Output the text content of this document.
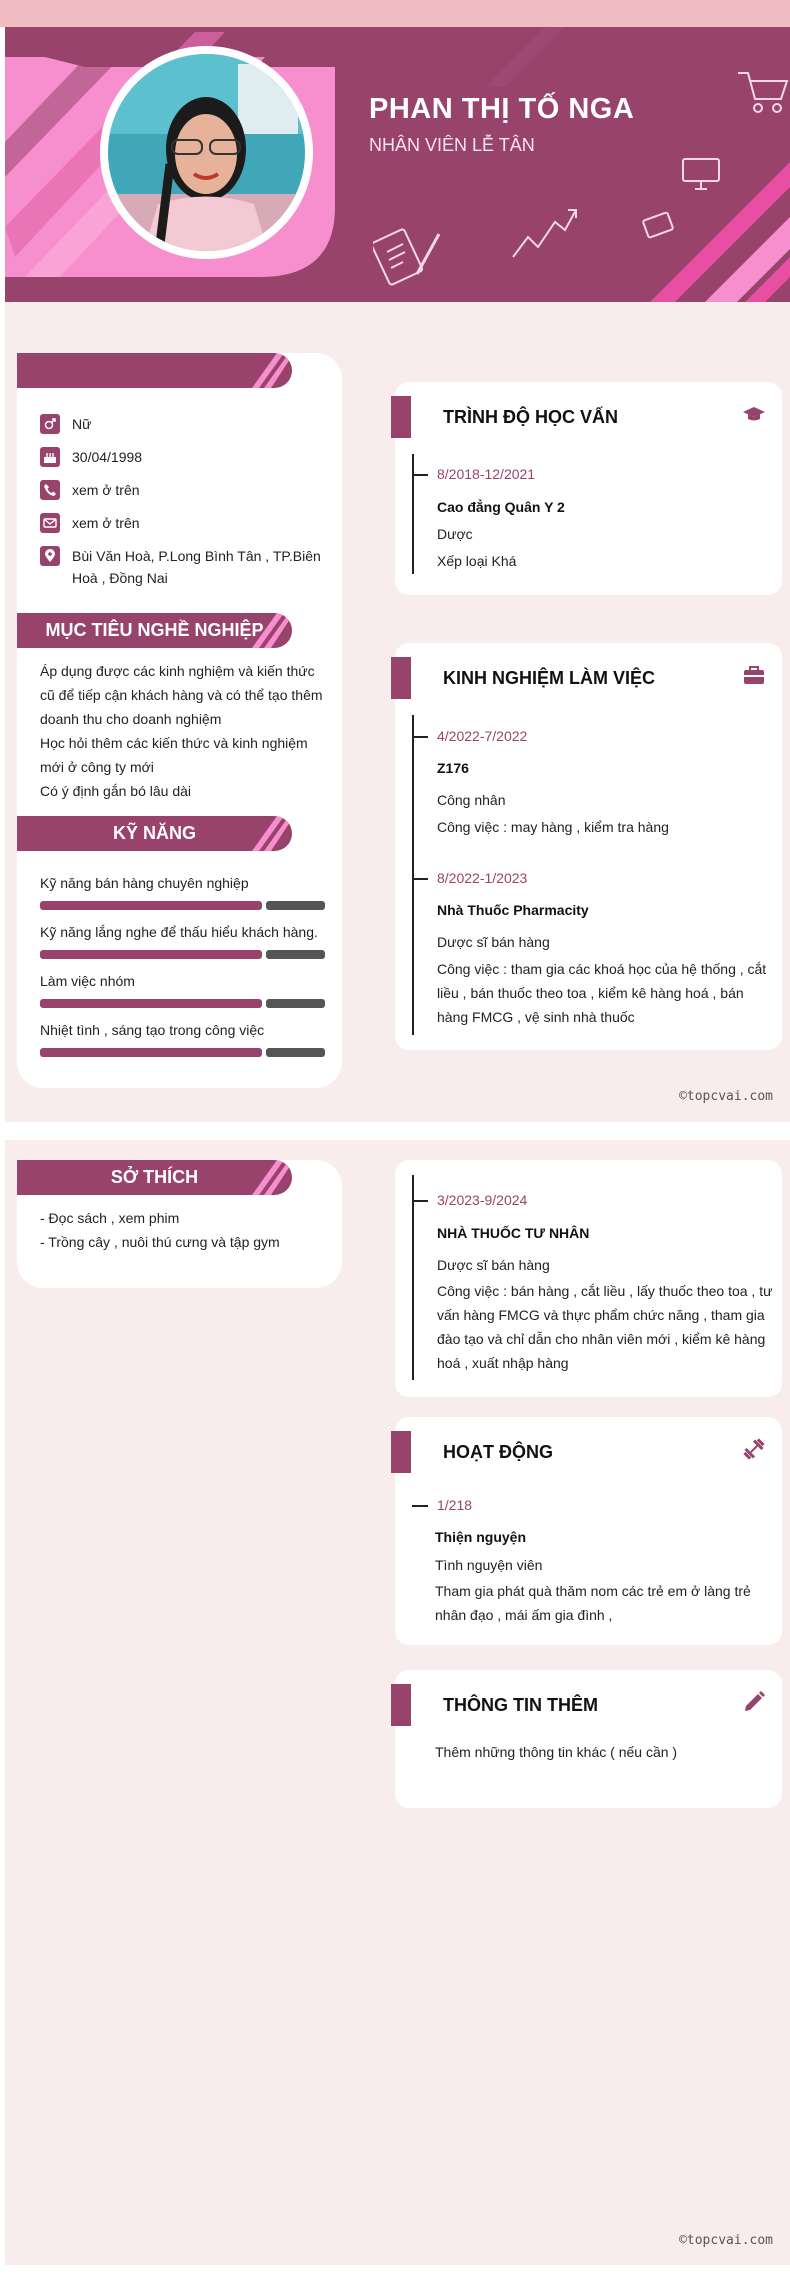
PHAN THỊ TỐ NGA
NHÂN VIÊN LỄ TÂN
Nữ
30/04/1998
xem ở trên
xem ở trên
Bùi Văn Hoà, P.Long Bình Tân , TP.Biên Hoà , Đồng Nai
MỤC TIÊU NGHỀ NGHIỆP
Áp dụng được các kinh nghiệm và kiến thức
cũ để tiếp cận khách hàng và có thể tạo thêm
doanh thu cho doanh nghiệm
Học hỏi thêm các kiến thức và kinh nghiệm
mới ở công ty mới
Có ý định gắn bó lâu dài
KỸ NĂNG
Kỹ năng bán hàng chuyên nghiệp
Kỹ năng lắng nghe để thấu hiểu khách hàng.
Làm việc nhóm
Nhiệt tình , sáng tạo trong công việc
TRÌNH ĐỘ HỌC VẤN
8/2018-12/2021
Cao đẳng Quân Y 2
Dược
Xếp loại Khá
KINH NGHIỆM LÀM VIỆC
4/2022-7/2022
Z176
Công nhân
Công việc : may hàng , kiểm tra hàng
8/2022-1/2023
Nhà Thuốc Pharmacity
Dược sĩ bán hàng
Công việc : tham gia các khoá học của hệ thống , cắt liều , bán thuốc theo toa , kiểm kê hàng hoá , bán hàng FMCG , vệ sinh nhà thuốc
©topcvai.com
SỞ THÍCH
- Đọc sách , xem phim
- Trồng cây , nuôi thú cưng và tập gym
3/2023-9/2024
NHÀ THUỐC TƯ NHÂN
Dược sĩ bán hàng
Công việc : bán hàng , cắt liều , lấy thuốc theo toa , tư vấn hàng FMCG và thực phẩm chức năng , tham gia đào tạo và chỉ dẫn cho nhân viên mới , kiểm kê hàng hoá , xuất nhập hàng
HOẠT ĐỘNG
1/218
Thiện nguyện
Tình nguyện viên
Tham gia phát quà thăm nom các trẻ em ở làng trẻ nhân đạo , mái ấm gia đình ,
THÔNG TIN THÊM
Thêm những thông tin khác ( nếu cần )
©topcvai.com
